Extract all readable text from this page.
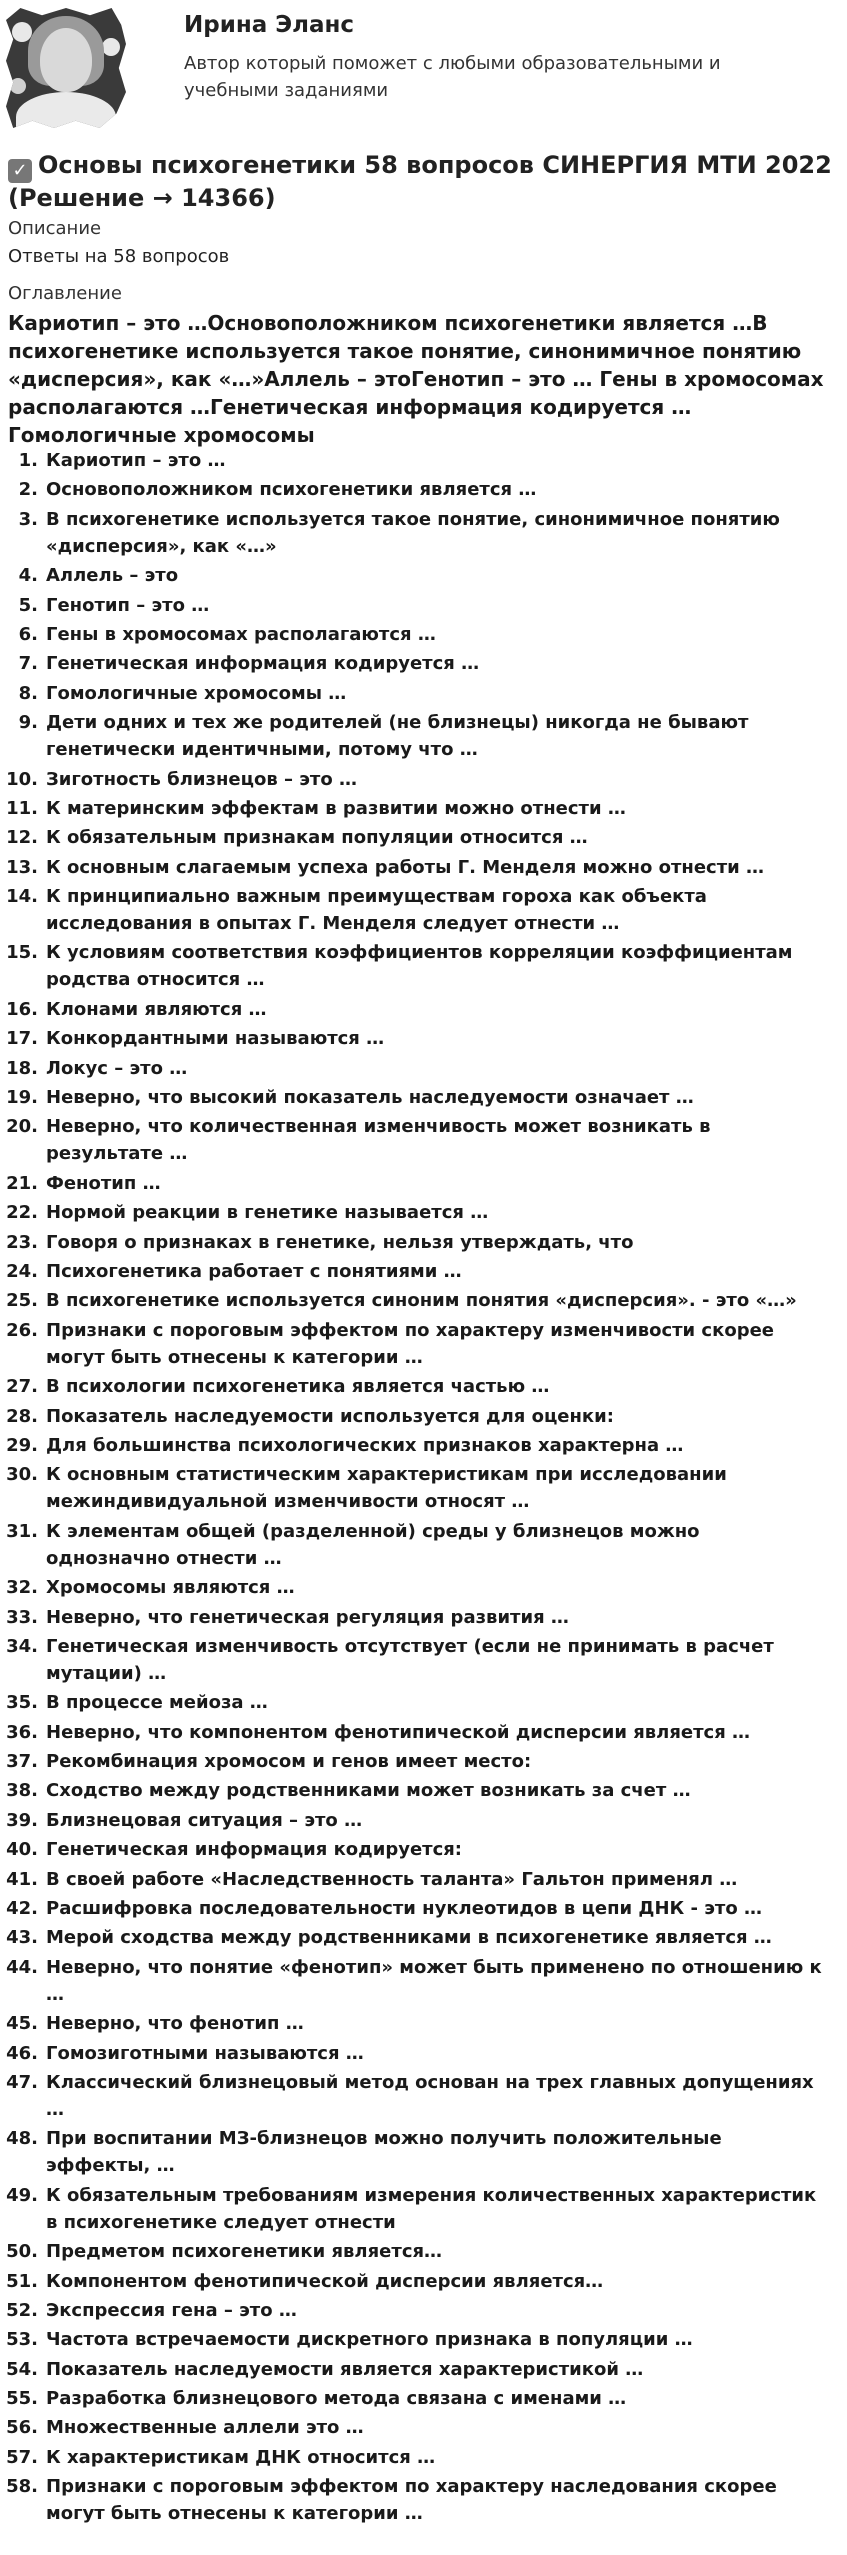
Ирина Эланс
Автор который поможет с любыми образовательными и учебными заданиями
✓ Основы психогенетики 58 вопросов СИНЕРГИЯ МТИ 2022 (Решение → 14366)
Описание
Ответы на 58 вопросов
Оглавление
Кариотип – это …Основоположником психогенетики является …В психогенетике используется такое понятие, синонимичное понятию «дисперсия», как «…»Аллель – этоГенотип – это … Гены в хромосомах располагаются …Генетическая информация кодируется …Гомологичные хромосомы
1. Кариотип – это …
2. Основоположником психогенетики является …
3. В психогенетике используется такое понятие, синонимичное понятию «дисперсия», как «…»
4. Аллель – это
5. Генотип – это …
6. Гены в хромосомах располагаются …
7. Генетическая информация кодируется …
8. Гомологичные хромосомы …
9. Дети одних и тех же родителей (не близнецы) никогда не бывают генетически идентичными, потому что …
10. Зиготность близнецов – это …
11. К материнским эффектам в развитии можно отнести …
12. К обязательным признакам популяции относится …
13. К основным слагаемым успеха работы Г. Менделя можно отнести …
14. К принципиально важным преимуществам гороха как объекта исследования в опытах Г. Менделя следует отнести …
15. К условиям соответствия коэффициентов корреляции коэффициентам родства относится …
16. Клонами являются …
17. Конкордантными называются …
18. Локус – это …
19. Неверно, что высокий показатель наследуемости означает …
20. Неверно, что количественная изменчивость может возникать в результате …
21. Фенотип …
22. Нормой реакции в генетике называется …
23. Говоря о признаках в генетике, нельзя утверждать, что
24. Психогенетика работает с понятиями …
25. В психогенетике используется синоним понятия «дисперсия». - это «…»
26. Признаки с пороговым эффектом по характеру изменчивости скорее могут быть отнесены к категории …
27. В психологии психогенетика является частью …
28. Показатель наследуемости используется для оценки:
29. Для большинства психологических признаков характерна …
30. К основным статистическим характеристикам при исследовании межиндивидуальной изменчивости относят …
31. К элементам общей (разделенной) среды у близнецов можно однозначно отнести …
32. Хромосомы являются …
33. Неверно, что генетическая регуляция развития …
34. Генетическая изменчивость отсутствует (если не принимать в расчет мутации) …
35. В процессе мейоза …
36. Неверно, что компонентом фенотипической дисперсии является …
37. Рекомбинация хромосом и генов имеет место:
38. Сходство между родственниками может возникать за счет …
39. Близнецовая ситуация – это …
40. Генетическая информация кодируется:
41. В своей работе «Наследственность таланта» Гальтон применял …
42. Расшифровка последовательности нуклеотидов в цепи ДНК - это …
43. Мерой сходства между родственниками в психогенетике является …
44. Неверно, что понятие «фенотип» может быть применено по отношению к …
45. Неверно, что фенотип …
46. Гомозиготными называются …
47. Классический близнецовый метод основан на трех главных допущениях …
48. При воспитании МЗ-близнецов можно получить положительные эффекты, …
49. К обязательным требованиям измерения количественных характеристик в психогенетике следует отнести
50. Предметом психогенетики является…
51. Компонентом фенотипической дисперсии является…
52. Экспрессия гена – это …
53. Частота встречаемости дискретного признака в популяции …
54. Показатель наследуемости является характеристикой …
55. Разработка близнецового метода связана с именами …
56. Множественные аллели это …
57. К характеристикам ДНК относится …
58. Признаки с пороговым эффектом по характеру наследования скорее могут быть отнесены к категории …
